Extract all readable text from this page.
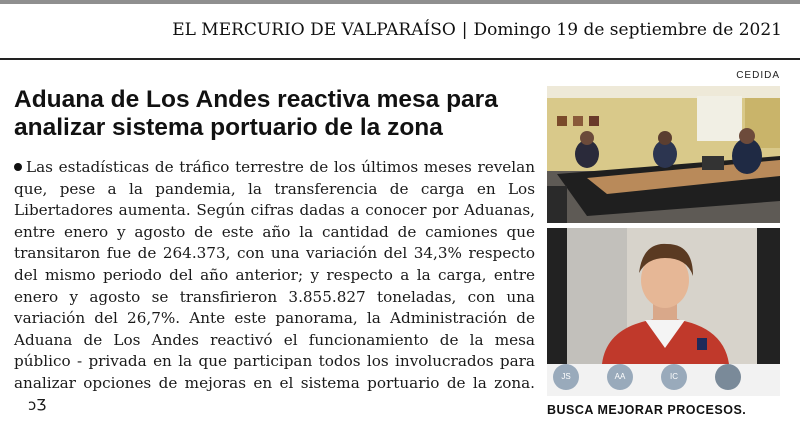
EL MERCURIO DE VALPARAÍSO | Domingo 19 de septiembre de 2021
CEDIDA
Aduana de Los Andes reactiva mesa para analizar sistema portuario de la zona
Las estadísticas de tráfico terrestre de los últimos meses revelan que, pese a la pandemia, la transferencia de carga en Los Libertadores aumenta. Según cifras dadas a conocer por Aduanas, entre enero y agosto de este año la cantidad de camiones que transitaron fue de 264.373, con una variación del 34,3% respecto del mismo periodo del año anterior; y respecto a la carga, entre enero y agosto se transfirieron 3.855.827 toneladas, con una variación del 26,7%. Ante este panorama, la Administración de Aduana de Los Andes reactivó el funcionamiento de la mesa público - privada en la que participan todos los involucrados para analizar opciones de mejoras en el sistema portuario de la zona.ↄƷ
JS	AA	IC
BUSCA MEJORAR PROCESOS.
